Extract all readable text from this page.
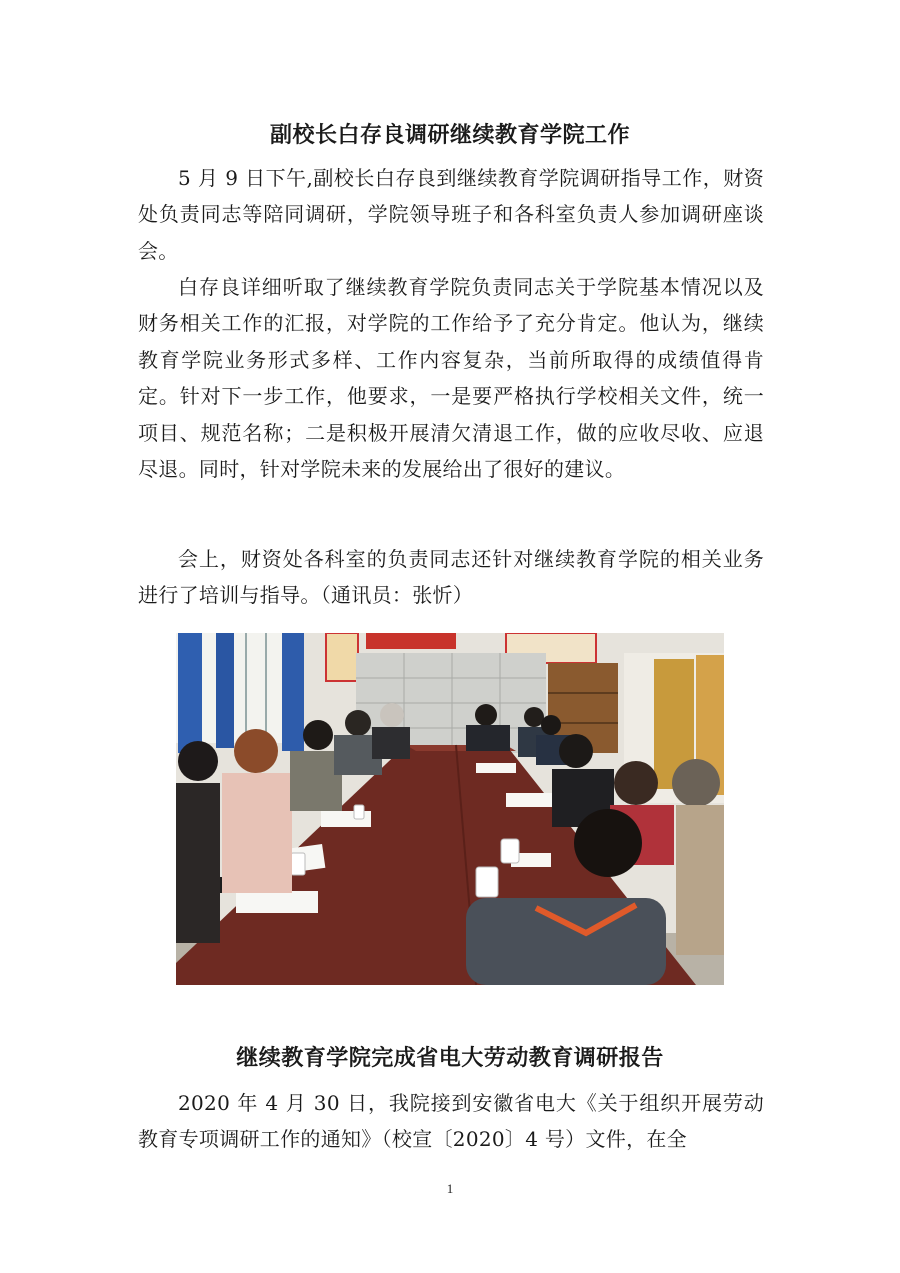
副校长白存良调研继续教育学院工作

5 月 9 日下午,副校长白存良到继续教育学院调研指导工作，财资处负责同志等陪同调研，学院领导班子和各科室负责人参加调研座谈会。

白存良详细听取了继续教育学院负责同志关于学院基本情况以及财务相关工作的汇报，对学院的工作给予了充分肯定。他认为，继续教育学院业务形式多样、工作内容复杂，当前所取得的成绩值得肯定。针对下一步工作，他要求，一是要严格执行学校相关文件，统一项目、规范名称；二是积极开展清欠清退工作，做的应收尽收、应退尽退。同时，针对学院未来的发展给出了很好的建议。

会上，财资处各科室的负责同志还针对继续教育学院的相关业务进行了培训与指导。（通讯员：张忻）

继续教育学院完成省电大劳动教育调研报告

2020 年 4 月 30 日，我院接到安徽省电大《关于组织开展劳动教育专项调研工作的通知》（校宣〔2020〕4 号）文件，在全

1
